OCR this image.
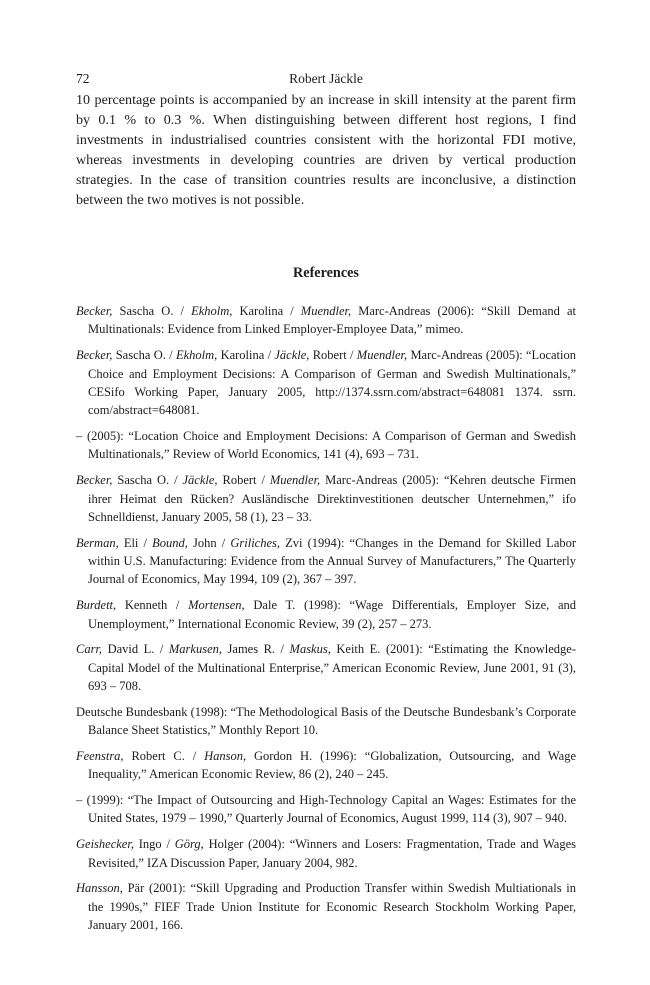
72	Robert Jäckle

10 percentage points is accompanied by an increase in skill intensity at the parent firm by 0.1 % to 0.3 %. When distinguishing between different host regions, I find investments in industrialised countries consistent with the horizontal FDI motive, whereas investments in developing countries are driven by vertical production strategies. In the case of transition countries results are inconclusive, a distinction between the two motives is not possible.

References

Becker, Sascha O. / Ekholm, Karolina / Muendler, Marc-Andreas (2006): “Skill Demand at Multinationals: Evidence from Linked Employer-Employee Data,” mimeo.

Becker, Sascha O. / Ekholm, Karolina / Jäckle, Robert / Muendler, Marc-Andreas (2005): “Location Choice and Employment Decisions: A Comparison of German and Swedish Multinationals,” CESifo Working Paper, January 2005, http://1374.ssrn.com/abstract=648081 1374. ssrn. com/abstract=648081.

– (2005): “Location Choice and Employment Decisions: A Comparison of German and Swedish Multinationals,” Review of World Economics, 141 (4), 693 – 731.

Becker, Sascha O. / Jäckle, Robert / Muendler, Marc-Andreas (2005): “Kehren deutsche Firmen ihrer Heimat den Rücken? Ausländische Direktinvestitionen deutscher Unternehmen,” ifo Schnelldienst, January 2005, 58 (1), 23 – 33.

Berman, Eli / Bound, John / Griliches, Zvi (1994): “Changes in the Demand for Skilled Labor within U.S. Manufacturing: Evidence from the Annual Survey of Manufacturers,” The Quarterly Journal of Economics, May 1994, 109 (2), 367 – 397.

Burdett, Kenneth / Mortensen, Dale T. (1998): “Wage Differentials, Employer Size, and Unemployment,” International Economic Review, 39 (2), 257 – 273.

Carr, David L. / Markusen, James R. / Maskus, Keith E. (2001): “Estimating the Knowledge-Capital Model of the Multinational Enterprise,” American Economic Review, June 2001, 91 (3), 693 – 708.

Deutsche Bundesbank (1998): “The Methodological Basis of the Deutsche Bundesbank’s Corporate Balance Sheet Statistics,” Monthly Report 10.

Feenstra, Robert C. / Hanson, Gordon H. (1996): “Globalization, Outsourcing, and Wage Inequality,” American Economic Review, 86 (2), 240 – 245.

– (1999): “The Impact of Outsourcing and High-Technology Capital an Wages: Estimates for the United States, 1979 – 1990,” Quarterly Journal of Economics, August 1999, 114 (3), 907 – 940.

Geishecker, Ingo / Görg, Holger (2004): “Winners and Losers: Fragmentation, Trade and Wages Revisited,” IZA Discussion Paper, January 2004, 982.

Hansson, Pär (2001): “Skill Upgrading and Production Transfer within Swedish Multiationals in the 1990s,” FIEF Trade Union Institute for Economic Research Stockholm Working Paper, January 2001, 166.
